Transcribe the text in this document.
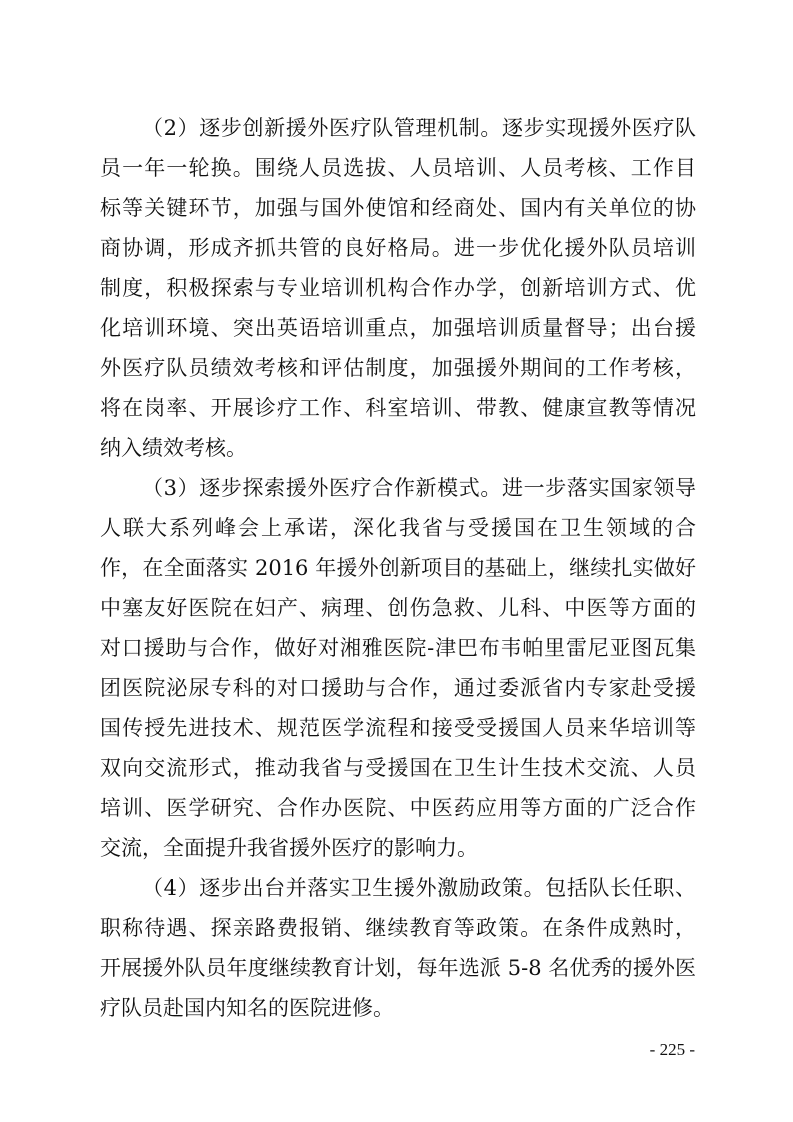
（2）逐步创新援外医疗队管理机制。逐步实现援外医疗队
员一年一轮换。围绕人员选拔、人员培训、人员考核、工作目
标等关键环节，加强与国外使馆和经商处、国内有关单位的协
商协调，形成齐抓共管的良好格局。进一步优化援外队员培训
制度，积极探索与专业培训机构合作办学，创新培训方式、优
化培训环境、突出英语培训重点，加强培训质量督导；出台援
外医疗队员绩效考核和评估制度，加强援外期间的工作考核，
将在岗率、开展诊疗工作、科室培训、带教、健康宣教等情况
纳入绩效考核。
（3）逐步探索援外医疗合作新模式。进一步落实国家领导
人联大系列峰会上承诺，深化我省与受援国在卫生领域的合
作，在全面落实 2016 年援外创新项目的基础上，继续扎实做好
中塞友好医院在妇产、病理、创伤急救、儿科、中医等方面的
对口援助与合作，做好对湘雅医院-津巴布韦帕里雷尼亚图瓦集
团医院泌尿专科的对口援助与合作，通过委派省内专家赴受援
国传授先进技术、规范医学流程和接受受援国人员来华培训等
双向交流形式，推动我省与受援国在卫生计生技术交流、人员
培训、医学研究、合作办医院、中医药应用等方面的广泛合作
交流，全面提升我省援外医疗的影响力。
（4）逐步出台并落实卫生援外激励政策。包括队长任职、
职称待遇、探亲路费报销、继续教育等政策。在条件成熟时，
开展援外队员年度继续教育计划，每年选派 5-8 名优秀的援外医
疗队员赴国内知名的医院进修。
- 225 -
